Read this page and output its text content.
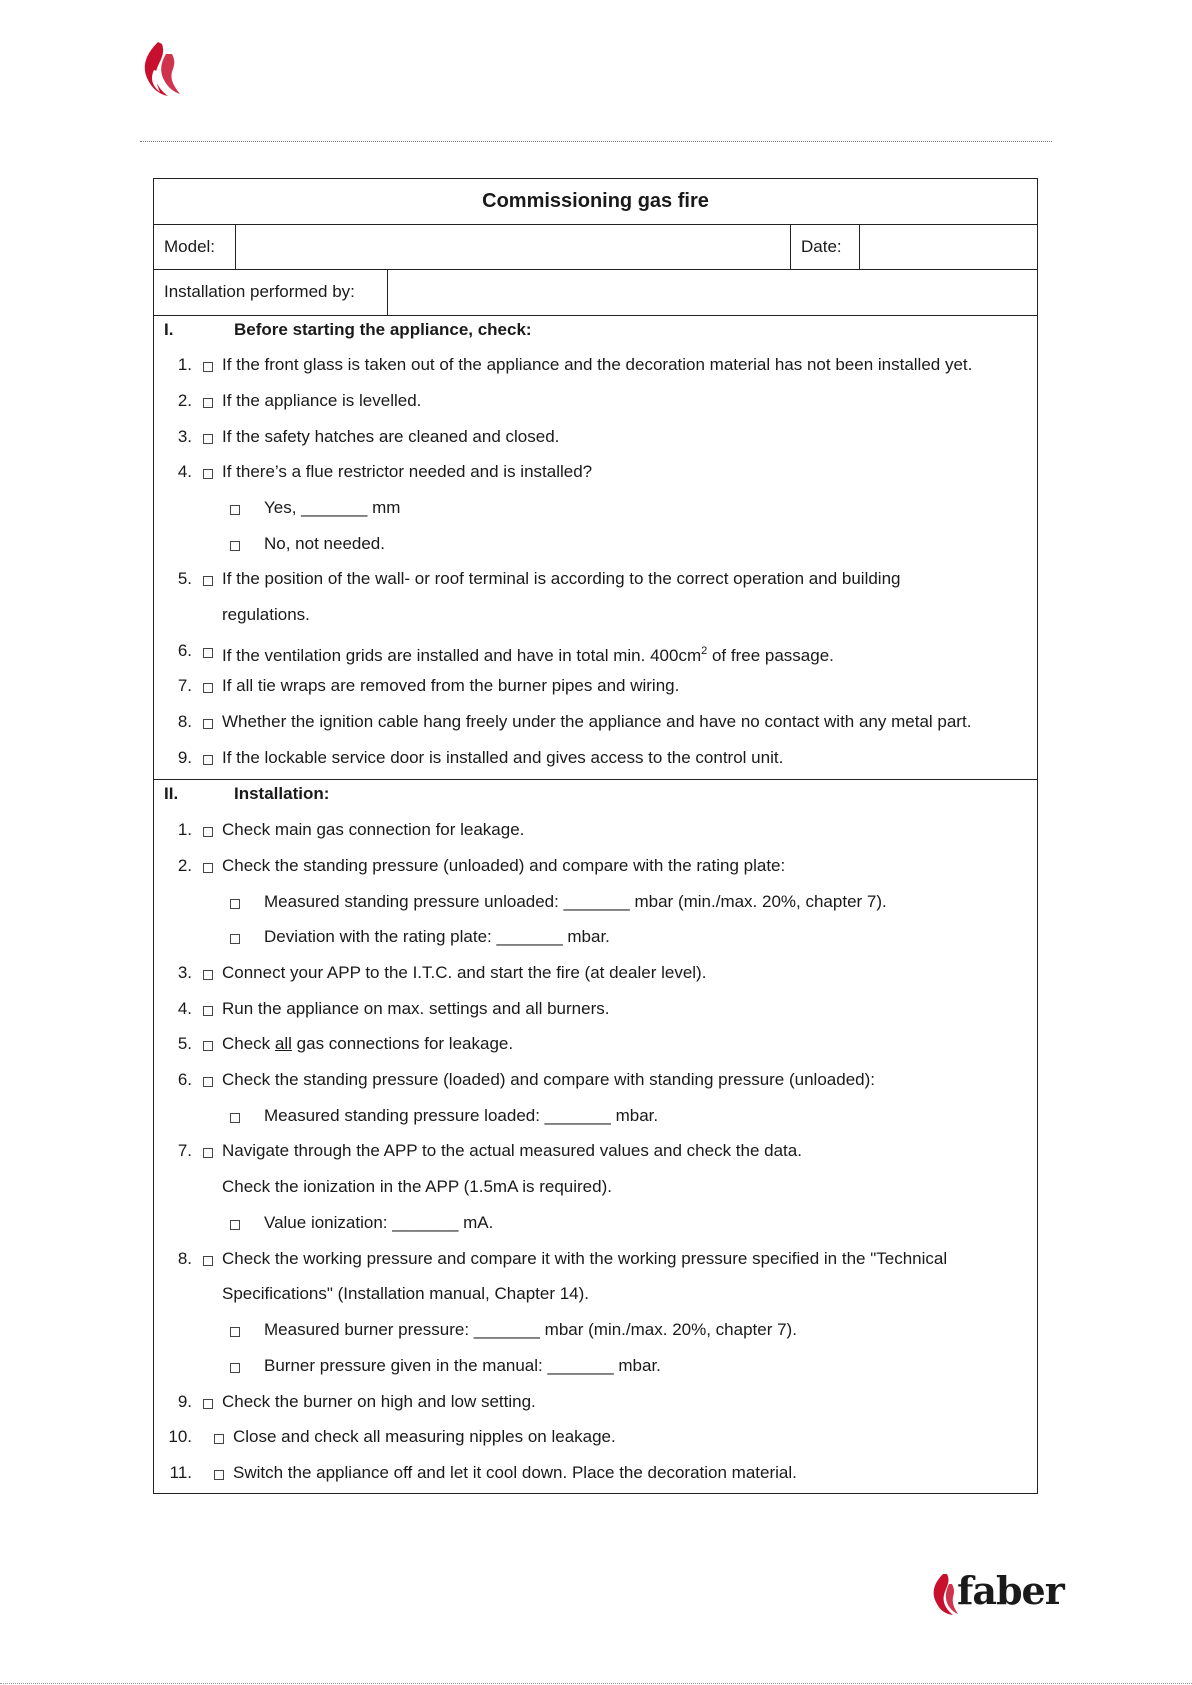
Commissioning gas fire
Model:	Date:
Installation performed by:
I.	Before starting the appliance, check:
1. If the front glass is taken out of the appliance and the decoration material has not been installed yet.
2. If the appliance is levelled.
3. If the safety hatches are cleaned and closed.
4. If there’s a flue restrictor needed and is installed?
Yes, _______ mm
No, not needed.
5. If the position of the wall- or roof terminal is according to the correct operation and building
regulations.
6. If the ventilation grids are installed and have in total min. $400cm^2$ of free passage.
7. If all tie wraps are removed from the burner pipes and wiring.
8. Whether the ignition cable hang freely under the appliance and have no contact with any metal part.
9. If the lockable service door is installed and gives access to the control unit.
II.	Installation:
1. Check main gas connection for leakage.
2. Check the standing pressure (unloaded) and compare with the rating plate:
Measured standing pressure unloaded: _______ mbar (min./max. 20%, chapter 7).
Deviation with the rating plate: _______ mbar.
3. Connect your APP to the I.T.C. and start the fire (at dealer level).
4. Run the appliance on max. settings and all burners.
5. Check all gas connections for leakage.
6. Check the standing pressure (loaded) and compare with standing pressure (unloaded):
Measured standing pressure loaded: _______ mbar.
7. Navigate through the APP to the actual measured values and check the data.
Check the ionization in the APP (1.5mA is required).
Value ionization: _______ mA.
8. Check the working pressure and compare it with the working pressure specified in the "Technical
Specifications" (Installation manual, Chapter 14).
Measured burner pressure: _______ mbar (min./max. 20%, chapter 7).
Burner pressure given in the manual: _______ mbar.
9. Check the burner on high and low setting.
10. Close and check all measuring nipples on leakage.
11. Switch the appliance off and let it cool down. Place the decoration material.
faber
